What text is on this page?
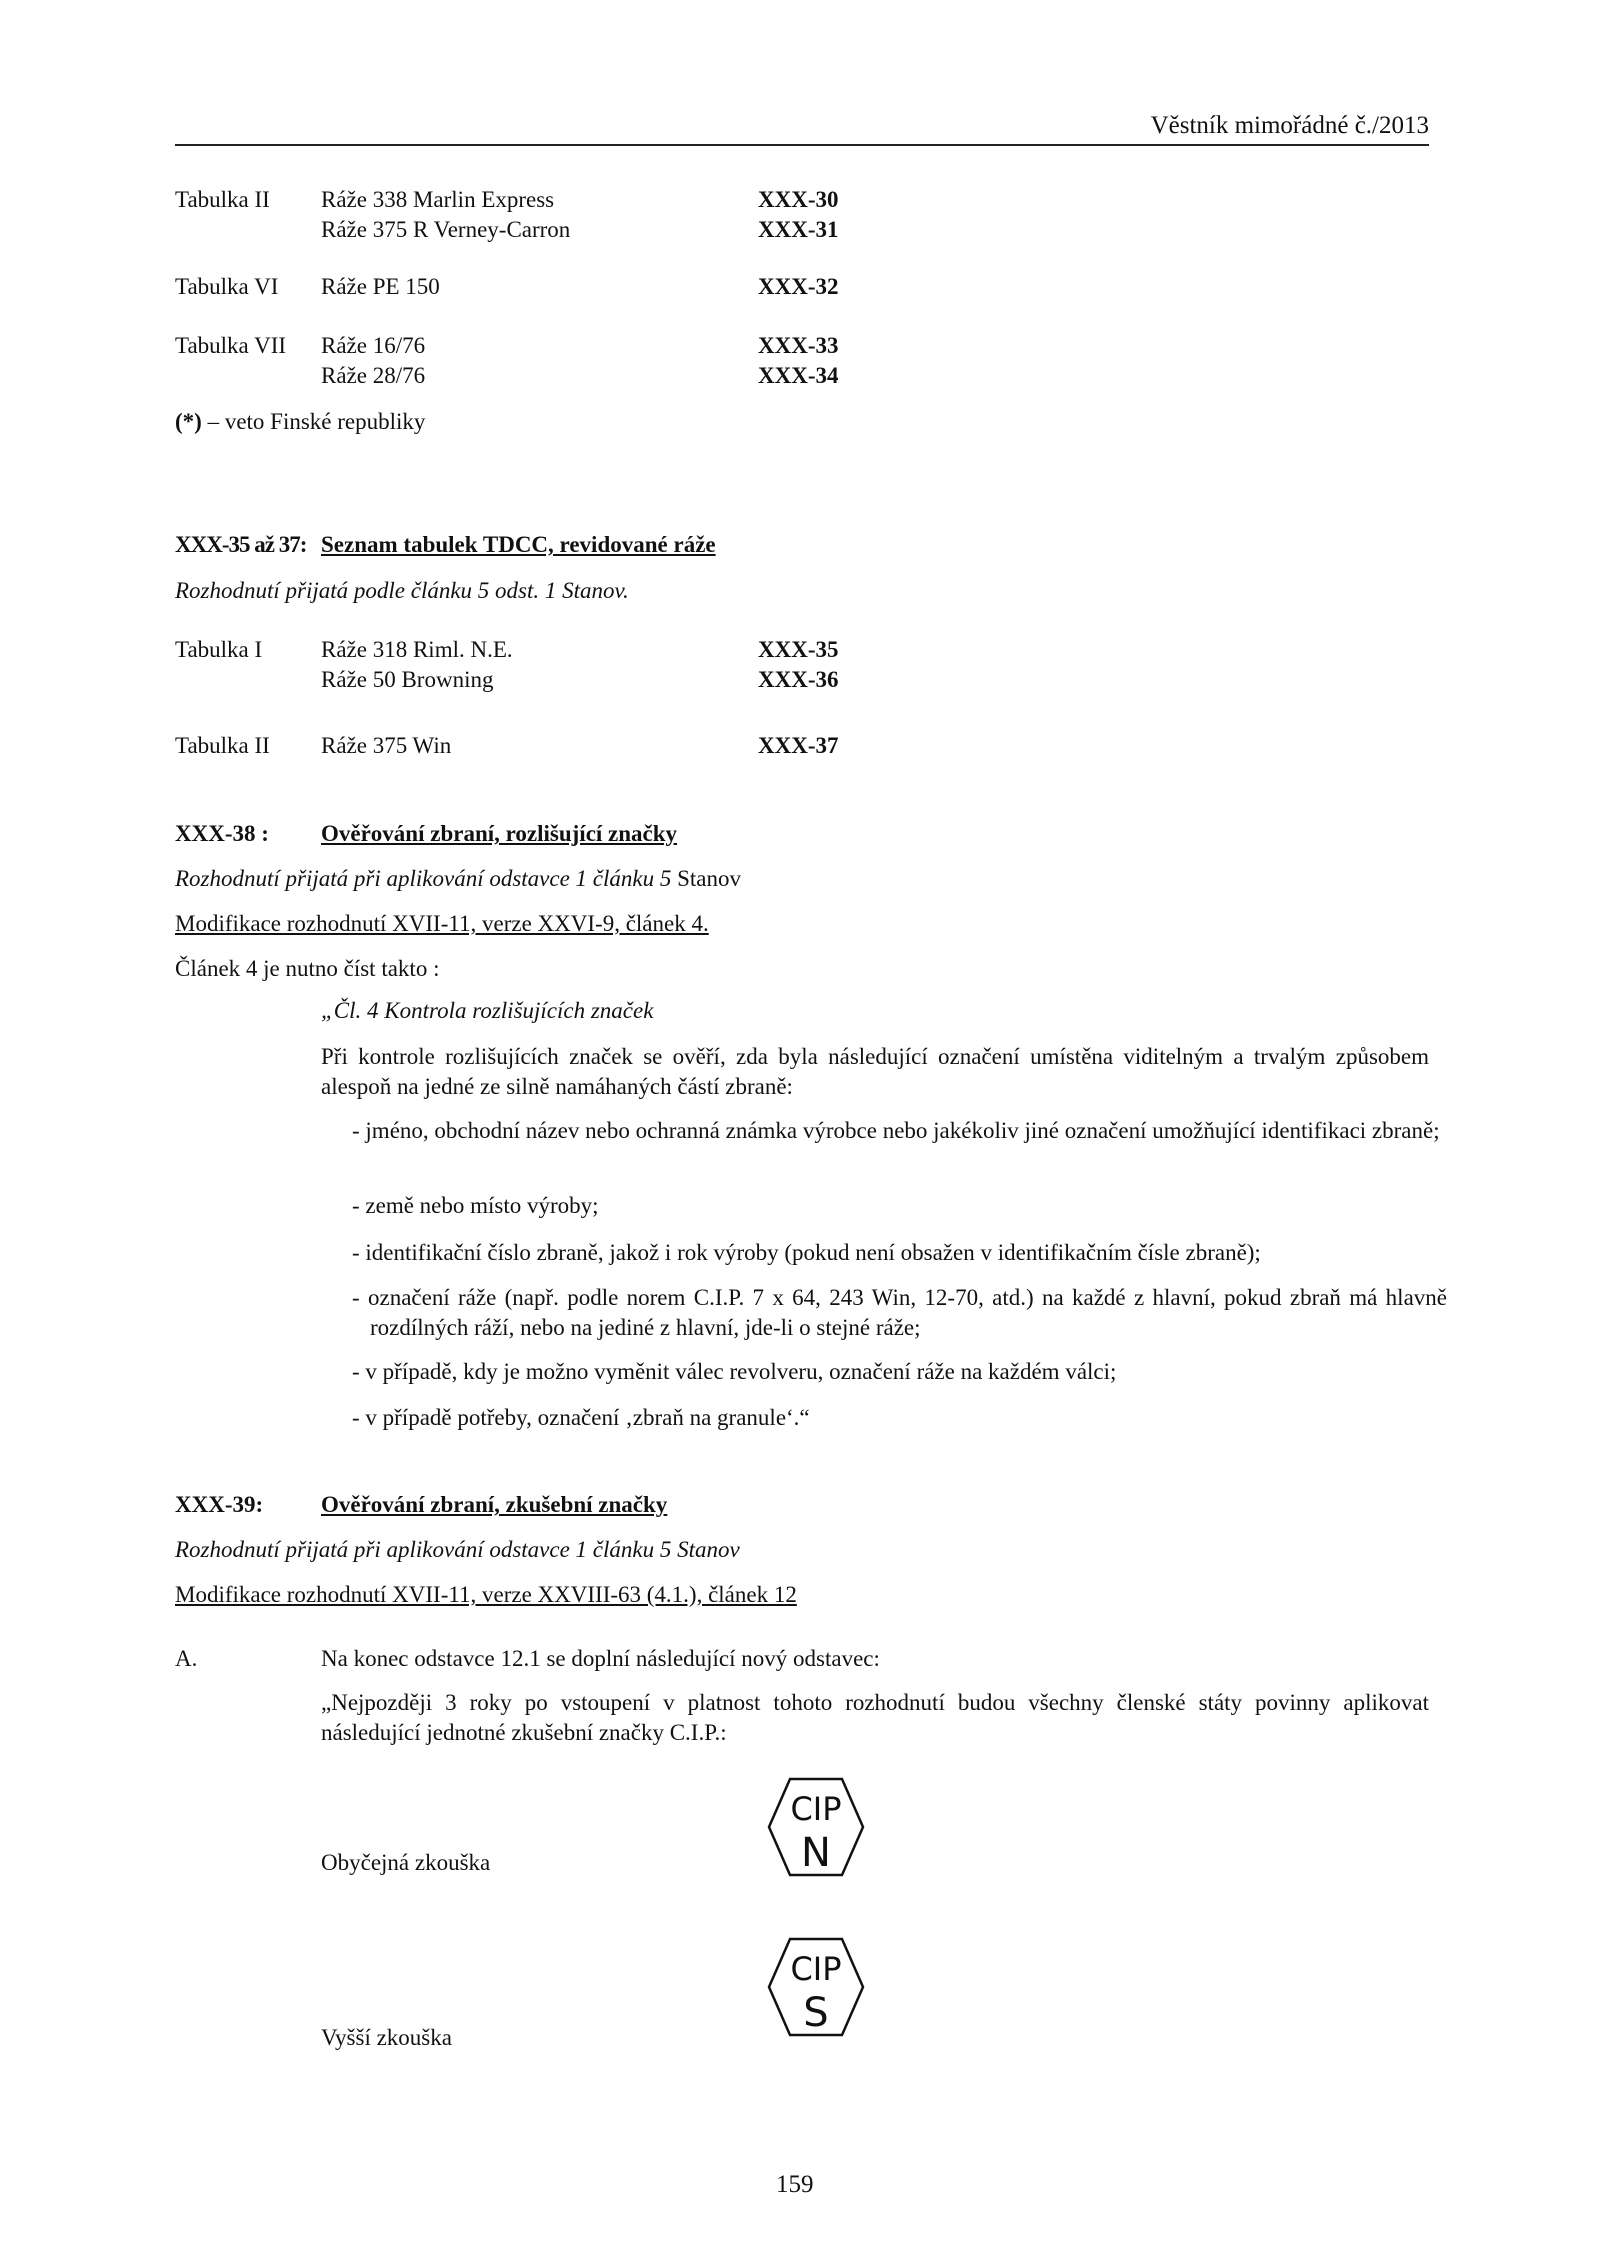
Věstník mimořádné č./2013
Tabulka II Ráže 338 Marlin Express	XXX-30
Ráže 375 R Verney-Carron	XXX-31
Tabulka VI Ráže PE 150	XXX-32
Tabulka VII Ráže 16/76	XXX-33
Ráže 28/76	XXX-34
(*) – veto Finské republiky
XXX-35 až 37: Seznam tabulek TDCC, revidované ráže
Rozhodnutí přijatá podle článku 5 odst. 1 Stanov.
Tabulka I	Ráže 318 Riml. N.E.	XXX-35
Ráže 50 Browning	XXX-36
Tabulka II Ráže 375 Win	XXX-37
XXX-38 : Ověřování zbraní, rozlišující značky
Rozhodnutí přijatá při aplikování odstavce 1 článku 5 Stanov
Modifikace rozhodnutí XVII-11, verze XXVI-9, článek 4.
Článek 4 je nutno číst takto :
„Čl. 4 Kontrola rozlišujících značek
Při kontrole rozlišujících značek se ověří, zda byla následující označení umístěna viditelným a trvalým způsobem alespoň na jedné ze silně namáhaných částí zbraně:
- jméno, obchodní název nebo ochranná známka výrobce nebo jakékoliv jiné označení umožňující identifikaci zbraně;
- země nebo místo výroby;
- identifikační číslo zbraně, jakož i rok výroby (pokud není obsažen v identifikačním čísle zbraně);
- označení ráže (např. podle norem C.I.P. 7 x 64, 243 Win, 12-70, atd.) na každé z hlavní, pokud zbraň má hlavně rozdílných ráží, nebo na jediné z hlavní, jde-li o stejné ráže;
- v případě, kdy je možno vyměnit válec revolveru, označení ráže na každém válci;
- v případě potřeby, označení ‚zbraň na granule‘.“
XXX-39:	Ověřování zbraní, zkušební značky
Rozhodnutí přijatá při aplikování odstavce 1 článku 5 Stanov
Modifikace rozhodnutí XVII-11, verze XXVIII-63 (4.1.), článek 12
A.	Na konec odstavce 12.1 se doplní následující nový odstavec:
„Nejpozději 3 roky po vstoupení v platnost tohoto rozhodnutí budou všechny členské státy povinny aplikovat následující jednotné zkušební značky C.I.P.:
Obyčejná zkouška
CIP
N
Vyšší zkouška
CIP
S
159
